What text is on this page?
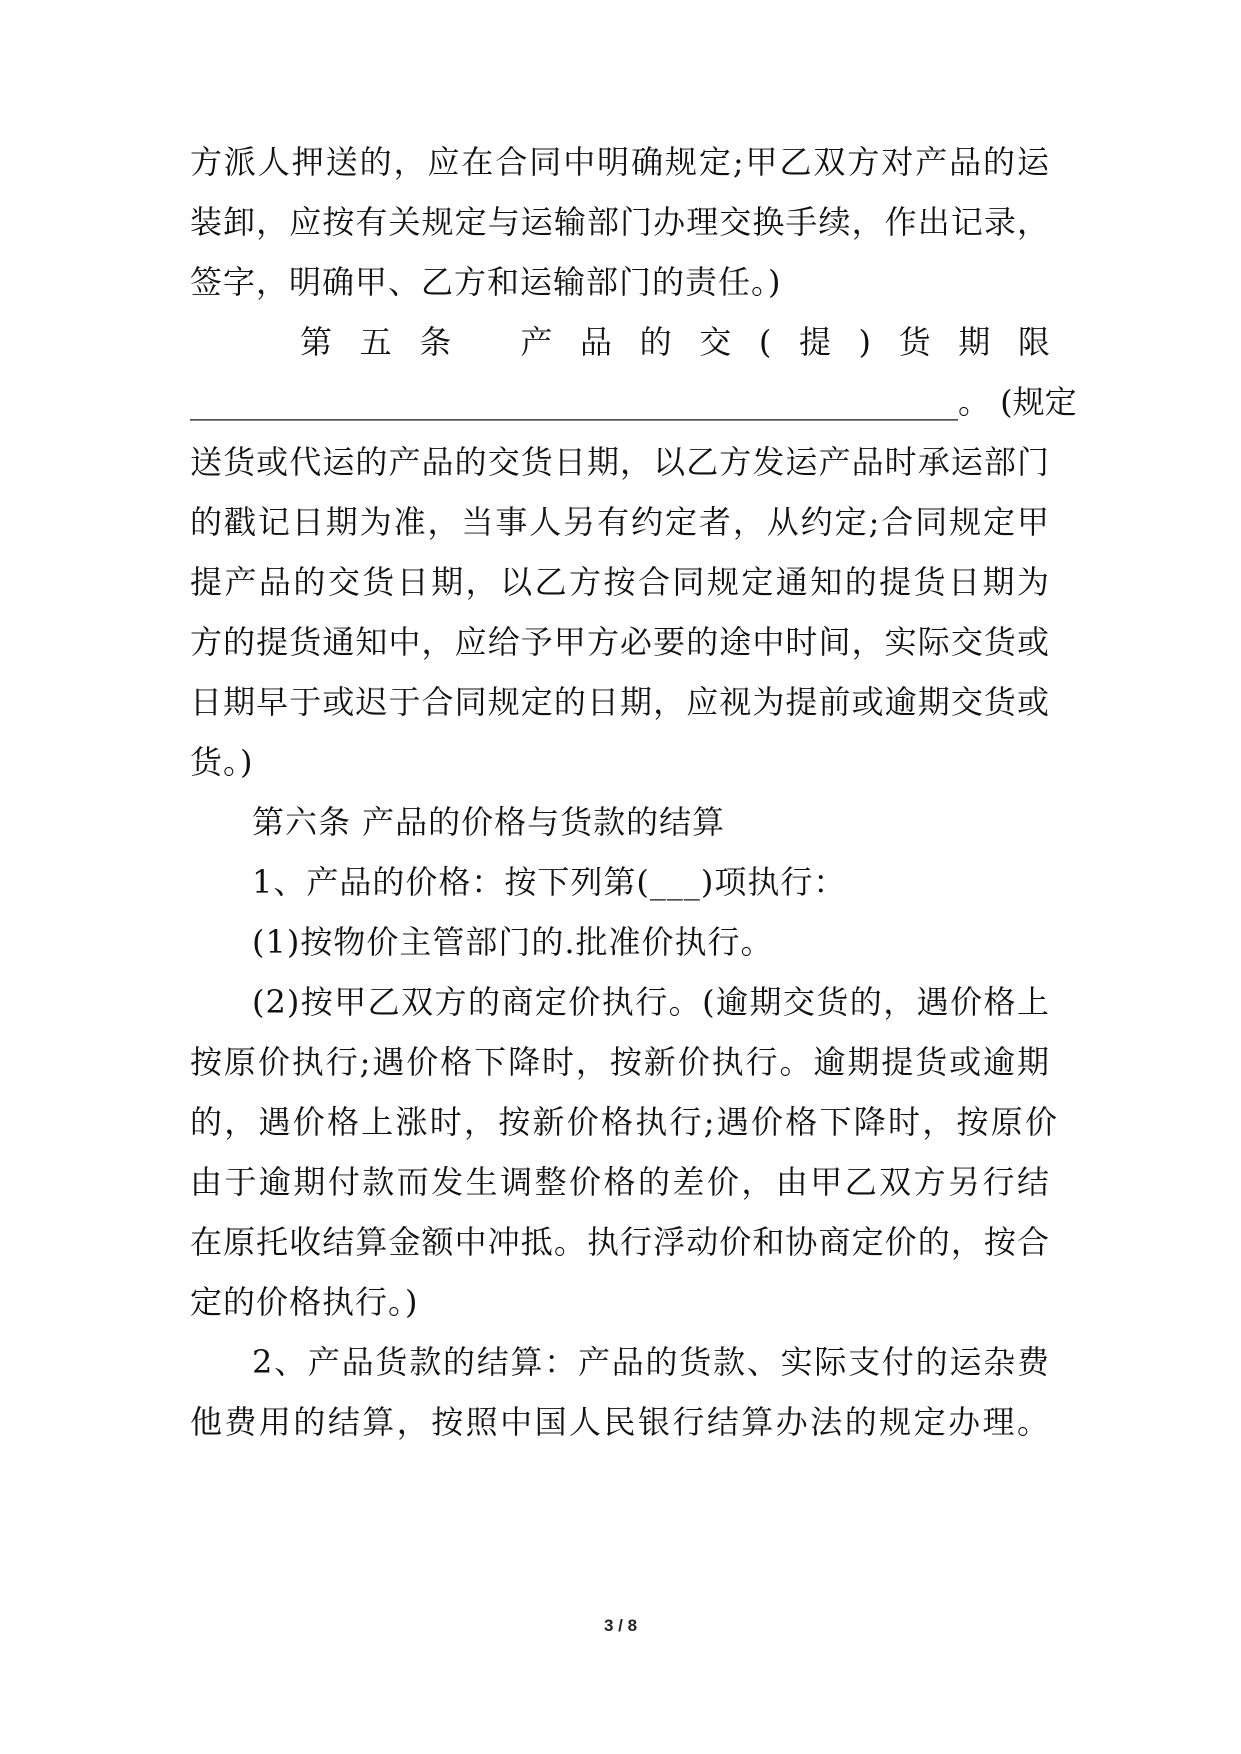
方派人押送的，应在合同中明确规定;甲乙双方对产品的运
装卸，应按有关规定与运输部门办理交换手续，作出记录，
签字，明确甲、乙方和运输部门的责任。)
第 五 条 产 品 的 交 ( 提 ) 货 期 限
________________________________________________。 (规定
送货或代运的产品的交货日期，以乙方发运产品时承运部门
的戳记日期为准，当事人另有约定者，从约定;合同规定甲
提产品的交货日期，以乙方按合同规定通知的提货日期为
方的提货通知中，应给予甲方必要的途中时间，实际交货或
日期早于或迟于合同规定的日期，应视为提前或逾期交货或
货。)
第六条 产品的价格与货款的结算
1、产品的价格：按下列第(___)项执行：
(1)按物价主管部门的.批准价执行。
(2)按甲乙双方的商定价执行。(逾期交货的，遇价格上
按原价执行;遇价格下降时，按新价执行。逾期提货或逾期
的，遇价格上涨时，按新价格执行;遇价格下降时，按原价
由于逾期付款而发生调整价格的差价，由甲乙双方另行结
在原托收结算金额中冲抵。执行浮动价和协商定价的，按合
定的价格执行。)
2、产品货款的结算：产品的货款、实际支付的运杂费
他费用的结算，按照中国人民银行结算办法的规定办理。
3 / 8
